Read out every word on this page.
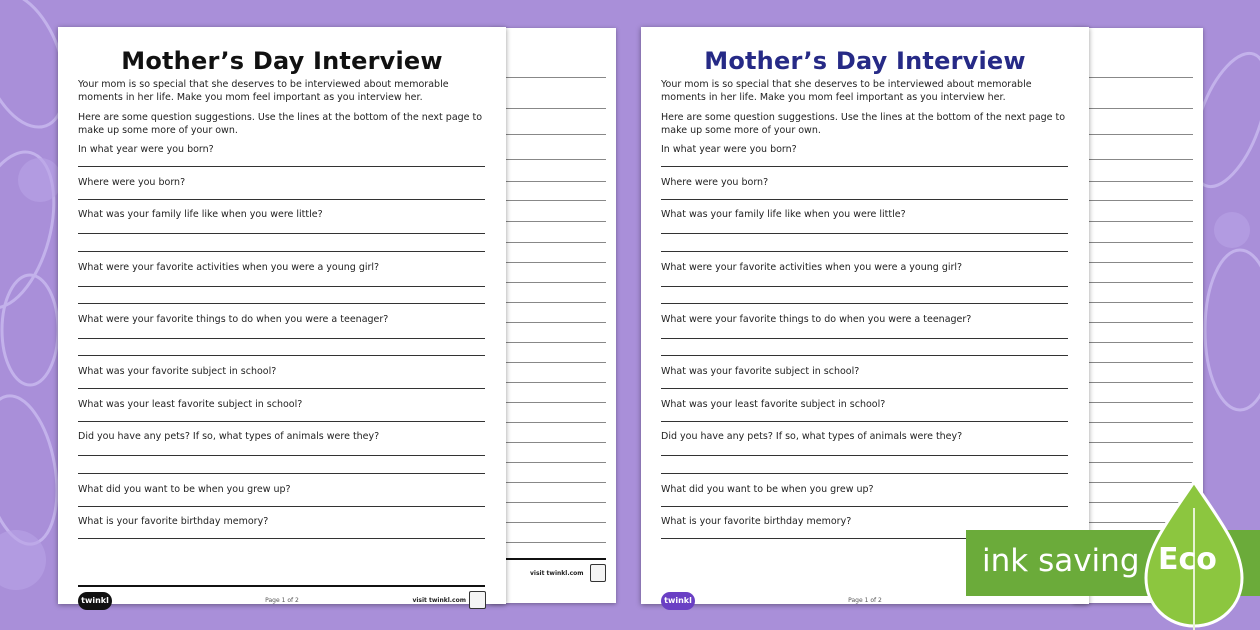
visit twinkl.com
Mother’s Day Interview
Your mom is so special that she deserves to be interviewed about memorable moments in her life. Make you mom feel important as you interview her.
Here are some question suggestions. Use the lines at the bottom of the next page to make up some more of your own.
In what year were you born?
Where were you born?
What was your family life like when you were little?
What were your favorite activities when you were a young girl?
What were your favorite things to do when you were a teenager?
What was your favorite subject in school?
What was your least favorite subject in school?
Did you have any pets? If so, what types of animals were they?
What did you want to be when you grew up?
What is your favorite birthday memory?
twinkl	Page 1 of 2	visit twinkl.com
Mother’s Day Interview
Your mom is so special that she deserves to be interviewed about memorable moments in her life. Make you mom feel important as you interview her.
Here are some question suggestions. Use the lines at the bottom of the next page to make up some more of your own.
In what year were you born?
Where were you born?
What was your family life like when you were little?
What were your favorite activities when you were a young girl?
What were your favorite things to do when you were a teenager?
What was your favorite subject in school?
What was your least favorite subject in school?
Did you have any pets? If so, what types of animals were they?
What did you want to be when you grew up?
What is your favorite birthday memory?
twinkl	Page 1 of 2
ink saving Eco
